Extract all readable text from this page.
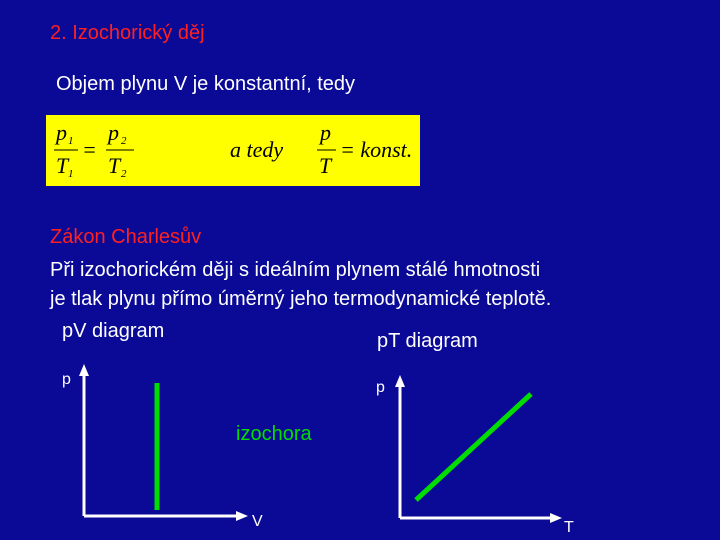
2. Izochorický děj
Objem plynu V je konstantní, tedy
p 1
T 1
=
p 2
T 2
a tedy
p
T
= konst.
Zákon Charlesův
Při izochorickém ději s ideálním plynem stálé hmotnosti
je tlak plynu přímo úměrný jeho termodynamické teplotě.
pV diagram	pT diagram
p
V
izochora
p
T
